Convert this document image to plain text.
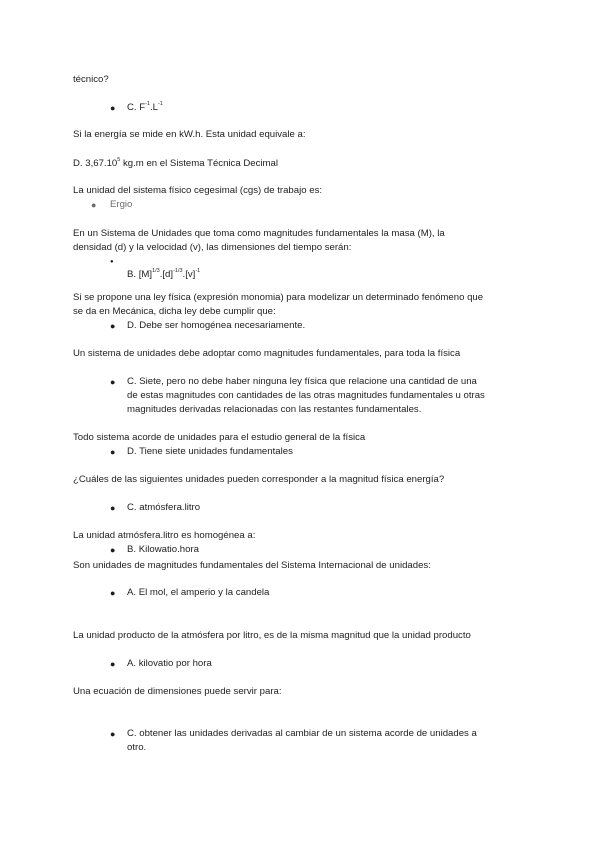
técnico?
● C. $F^{-1}.L^{-1}$
Si la energía se mide en kW.h. Esta unidad equivale a:
D. 3,67.10$^5$ kg.m en el Sistema Técnica Decimal
La unidad del sistema físico cegesimal (cgs) de trabajo es:
● Ergio
En un Sistema de Unidades que toma como magnitudes fundamentales la masa (M), la
densidad (d) y la velocidad (v), las dimensiones del tiempo serán:
●
B. $[M]^{1/3}.[d]^{-1/3}.[v]^{-1}$
Si se propone una ley física (expresión monomia) para modelizar un determinado fenómeno que
se da en Mecánica, dicha ley debe cumplir que:
● D. Debe ser homogénea necesariamente.
Un sistema de unidades debe adoptar como magnitudes fundamentales, para toda la física
● C. Siete, pero no debe haber ninguna ley física que relacione una cantidad de una
de estas magnitudes con cantidades de las otras magnitudes fundamentales u otras
magnitudes derivadas relacionadas con las restantes fundamentales.
Todo sistema acorde de unidades para el estudio general de la física
● D. Tiene siete unidades fundamentales
¿Cuáles de las siguientes unidades pueden corresponder a la magnitud física energía?
● C. atmósfera.litro
La unidad atmósfera.litro es homogénea a:
● B. Kilowatio.hora
Son unidades de magnitudes fundamentales del Sistema Internacional de unidades:
● A. El mol, el amperio y la candela
La unidad producto de la atmósfera por litro, es de la misma magnitud que la unidad producto
● A. kilovatio por hora
Una ecuación de dimensiones puede servir para:
● C. obtener las unidades derivadas al cambiar de un sistema acorde de unidades a
otro.
